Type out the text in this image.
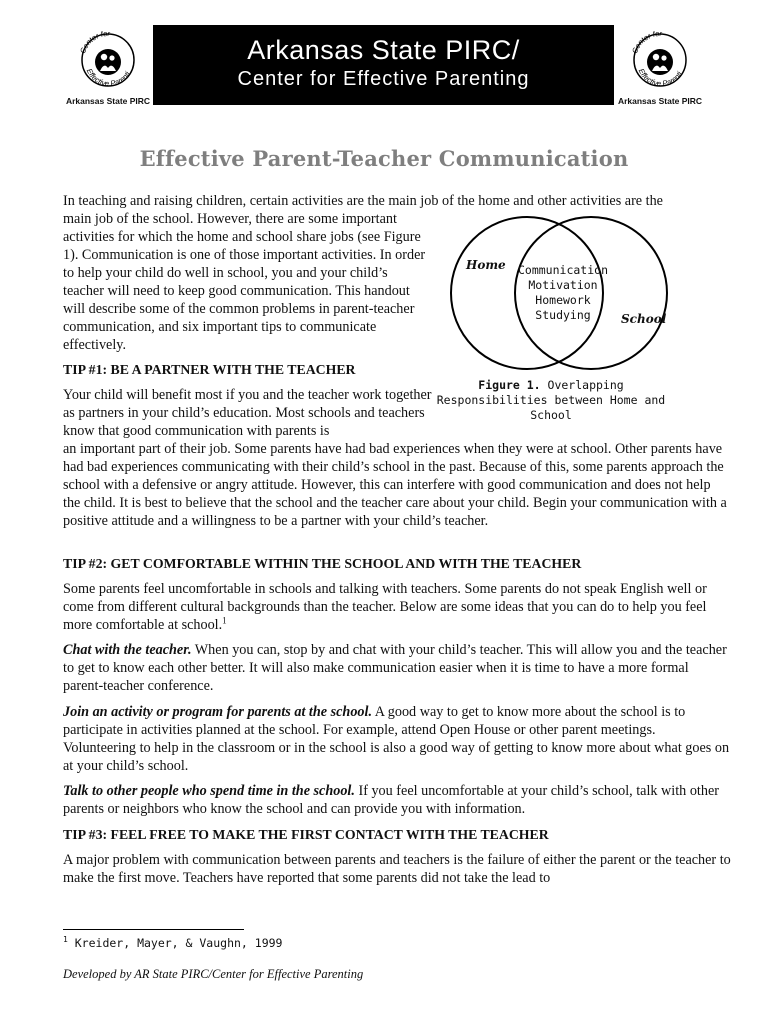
Center for
Effective Parenti
Arkansas State PIRC
Arkansas State PIRC/
Center for Effective Parenting
Center for
Effective Parenti
Arkansas State PIRC
Effective Parent-Teacher Communication

In teaching and raising children, certain activities are the main job of the home and other activities are the

main job of the school. However, there are some important activities for which the home and school share jobs (see Figure 1). Communication is one of those important activities. In order to help your child do well in school, you and your child’s teacher will need to keep good communication. This handout will describe some of the common problems in parent-teacher communication, and six important tips to communicate effectively.

Home
School
Communication
Motivation
Homework
Studying
Figure 1. Overlapping Responsibilities between Home and School

TIP #1: BE A PARTNER WITH THE TEACHER

Your child will benefit most if you and the teacher work together as partners in your child’s education. Most schools and teachers know that good communication with parents is

an important part of their job. Some parents have had bad experiences when they were at school. Other parents have had bad experiences communicating with their child’s school in the past. Because of this, some parents approach the school with a defensive or angry attitude. However, this can interfere with good communication and does not help the child. It is best to believe that the school and the teacher care about your child. Begin your communication with a positive attitude and a willingness to be a partner with your child’s teacher.

TIP #2: GET COMFORTABLE WITHIN THE SCHOOL AND WITH THE TEACHER

Some parents feel uncomfortable in schools and talking with teachers. Some parents do not speak English well or come from different cultural backgrounds than the teacher. Below are some ideas that you can do to help you feel more comfortable at school.$^1$

Chat with the teacher. When you can, stop by and chat with your child’s teacher. This will allow you and the teacher to get to know each other better. It will also make communication easier when it is time to have a more formal parent-teacher conference.

Join an activity or program for parents at the school. A good way to get to know more about the school is to participate in activities planned at the school. For example, attend Open House or other parent meetings. Volunteering to help in the classroom or in the school is also a good way of getting to know more about what goes on at your child’s school.

Talk to other people who spend time in the school. If you feel uncomfortable at your child’s school, talk with other parents or neighbors who know the school and can provide you with information.

TIP #3: FEEL FREE TO MAKE THE FIRST CONTACT WITH THE TEACHER

A major problem with communication between parents and teachers is the failure of either the parent or the teacher to make the first move. Teachers have reported that some parents did not take the lead to

$^1$ Kreider, Mayer, & Vaughn, 1999
Developed by AR State PIRC/Center for Effective Parenting
